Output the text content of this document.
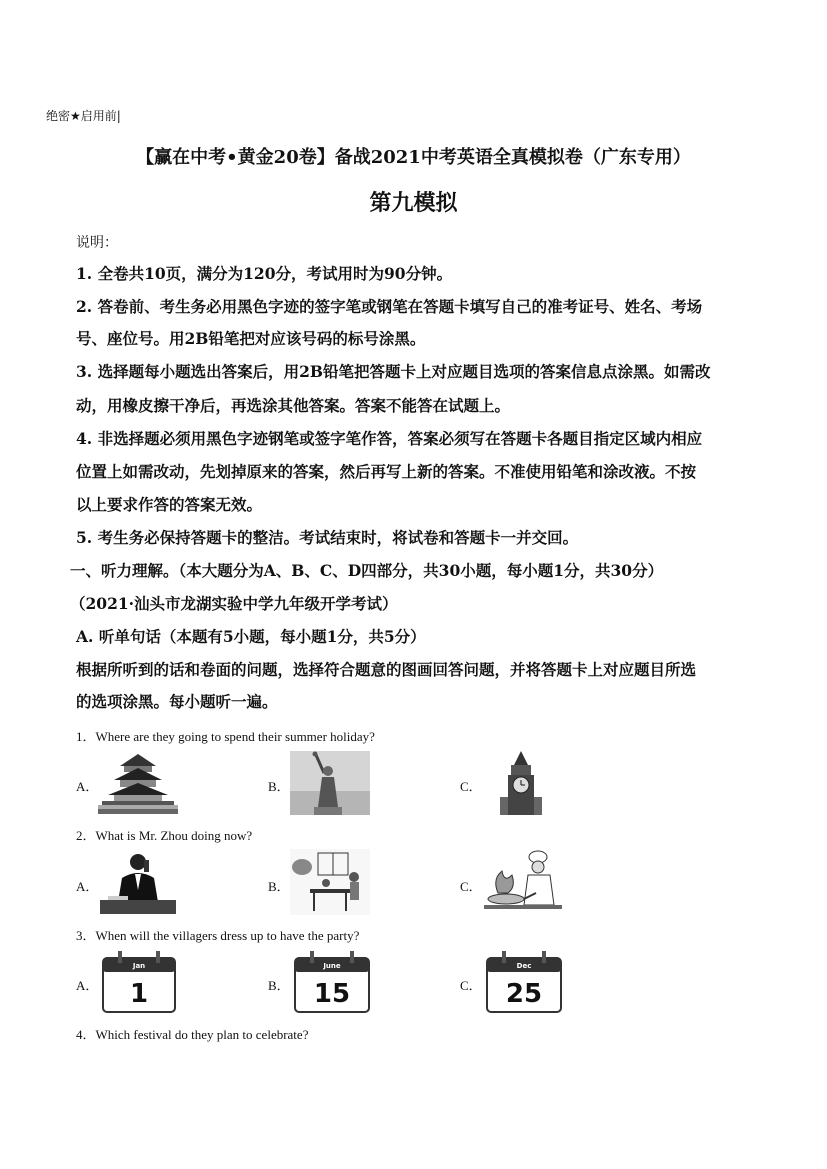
绝密★启用前|
【赢在中考•黄金20卷】备战2021中考英语全真模拟卷（广东专用）
第九模拟
说明：
1. 全卷共10页，满分为120分，考试用时为90分钟。
2. 答卷前、考生务必用黑色字迹的签字笔或钢笔在答题卡填写自己的准考证号、姓名、考场
号、座位号。用2B铅笔把对应该号码的标号涂黑。
3. 选择题每小题选出答案后，用2B铅笔把答题卡上对应题目选项的答案信息点涂黑。如需改
动，用橡皮擦干净后，再选涂其他答案。答案不能答在试题上。
4. 非选择题必须用黑色字迹钢笔或签字笔作答，答案必须写在答题卡各题目指定区域内相应
位置上如需改动，先划掉原来的答案，然后再写上新的答案。不准使用铅笔和涂改液。不按
以上要求作答的答案无效。
5. 考生务必保持答题卡的整洁。考试结束时，将试卷和答题卡一并交回。
一、听力理解。（本大题分为A、B、C、D四部分，共30小题，每小题1分，共30分）
（2021·汕头市龙湖实验中学九年级开学考试）
A. 听单句话（本题有5小题，每小题1分，共5分）
根据所听到的话和卷面的问题，选择符合题意的图画回答问题，并将答题卡上对应题目所选
的选项涂黑。每小题听一遍。
1．Where are they going to spend their summer holiday?
A．	B．	C．
2．What is Mr. Zhou doing now?
A．	B．	C．
3．When will the villagers dress up to have the party?
A．	B．	C．
Jan
1
June
15
Dec
25
4．Which festival do they plan to celebrate?
